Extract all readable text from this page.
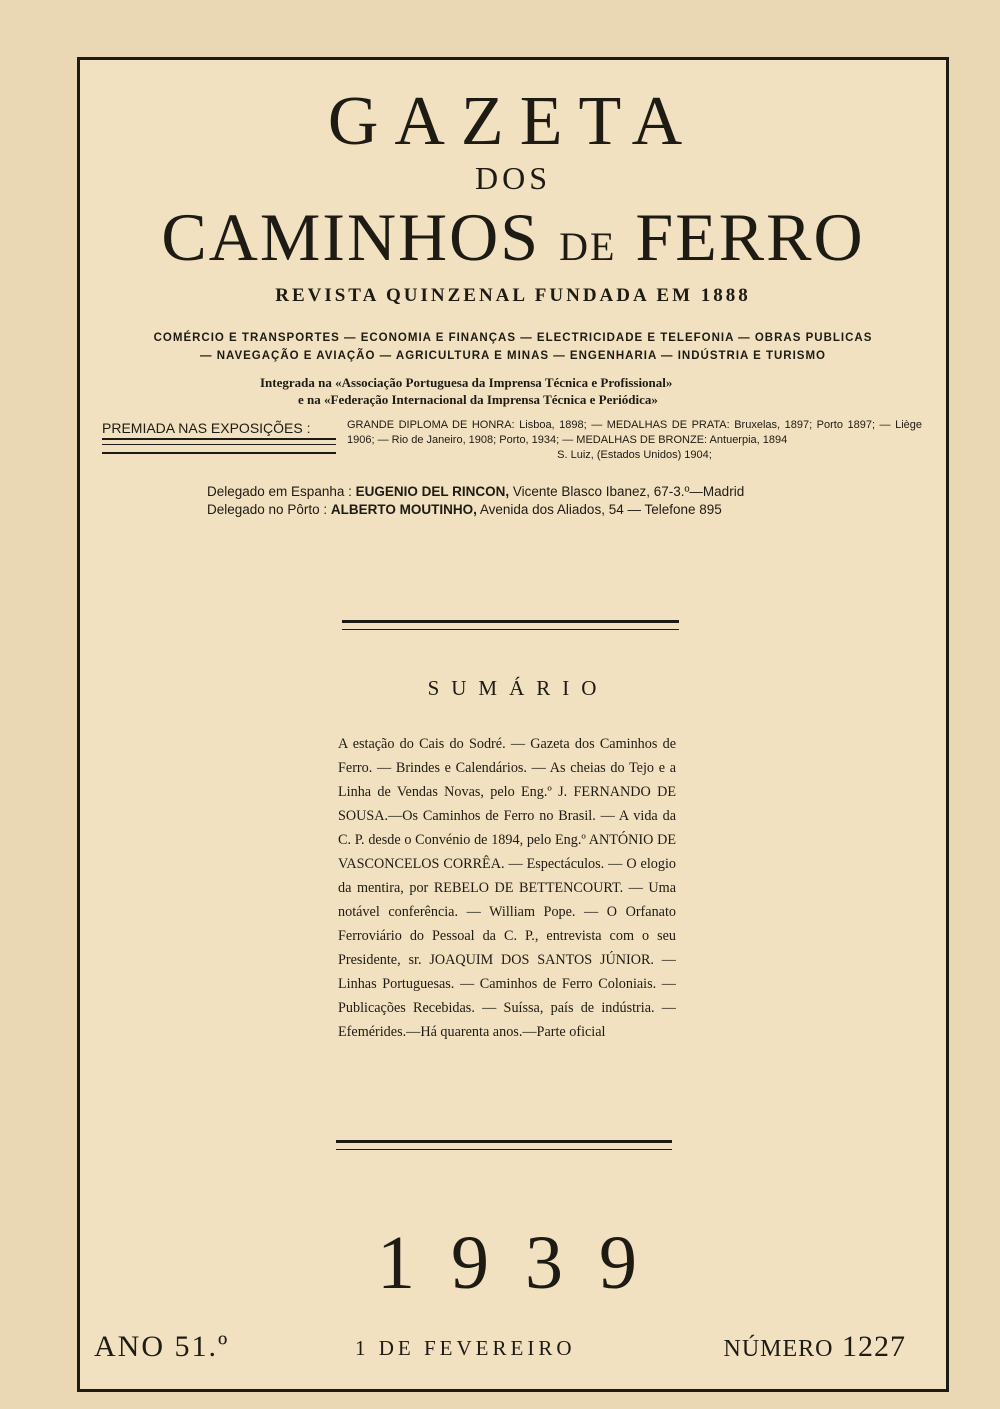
GAZETA
DOS
CAMINHOS DE FERRO
REVISTA QUINZENAL FUNDADA EM 1888
COMÉRCIO E TRANSPORTES — ECONOMIA E FINANÇAS — ELECTRICIDADE E TELEFONIA — OBRAS PUBLICAS
— NAVEGAÇÃO E AVIAÇÃO — AGRICULTURA E MINAS — ENGENHARIA — INDÚSTRIA E TURISMO
Integrada na «Associação Portuguesa da Imprensa Técnica e Profissional»
e na «Federação Internacional da Imprensa Técnica e Periódica»
PREMIADA NAS EXPOSIÇÕES :	GRANDE DIPLOMA DE HONRA: Lisboa, 1898; — MEDALHAS DE PRATA: Bruxelas, 1897; Porto 1897; — Liège 1906; — Rio de Janeiro, 1908; Porto, 1934; — MEDALHAS DE BRONZE: Antuerpia, 1894
S. Luiz, (Estados Unidos) 1904;
Delegado em Espanha : EUGENIO DEL RINCON, Vicente Blasco Ibanez, 67-3.º—Madrid
Delegado no Pôrto : ALBERTO MOUTINHO, Avenida dos Aliados, 54 — Telefone 895
SUMÁRIO
A estação do Cais do Sodré. — Gazeta dos Caminhos de Ferro. — Brindes e Calendários. — As cheias do Tejo e a Linha de Vendas Novas, pelo Eng.º J. FERNANDO DE SOUSA.—Os Caminhos de Ferro no Brasil. — A vida da C. P. desde o Convénio de 1894, pelo Eng.º ANTÓNIO DE VASCONCELOS CORRÊA. — Espectáculos. — O elogio da mentira, por REBELO DE BETTENCOURT. — Uma notável conferência. — William Pope. — O Orfanato Ferroviário do Pessoal da C. P., entrevista com o seu Presidente, sr. JOAQUIM DOS SANTOS JÚNIOR. — Linhas Portuguesas. — Caminhos de Ferro Coloniais. — Publicações Recebidas. — Suíssa, país de indústria. —Efemérides.—Há quarenta anos.—Parte oficial
1939
ANO 51.º	1 DE FEVEREIRO	NÚMERO 1227
